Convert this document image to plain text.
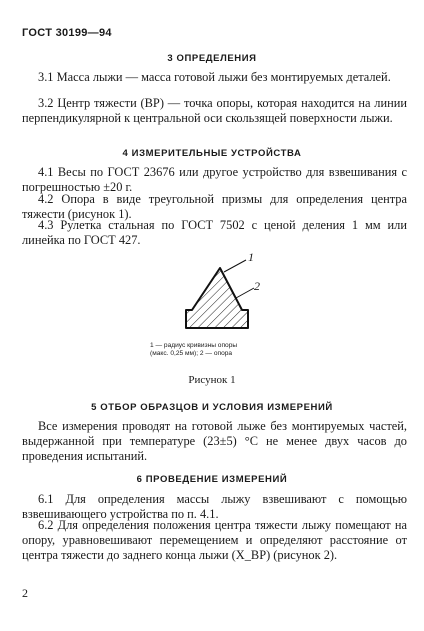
ГОСТ 30199—94
3 ОПРЕДЕЛЕНИЯ
3.1 Масса лыжи — масса готовой лыжи без монтируемых деталей.
3.2 Центр тяжести (ВР) — точка опоры, которая находится на линии перпендикулярной к центральной оси скользящей поверхности лыжи.
4 ИЗМЕРИТЕЛЬНЫЕ УСТРОЙСТВА
4.1 Весы по ГОСТ 23676 или другое устройство для взвешивания с погрешностью ±20 г.
4.2 Опора в виде треугольной призмы для определения центра тяжести (рисунок 1).
4.3 Рулетка стальная по ГОСТ 7502 с ценой деления 1 мм или линейка по ГОСТ 427.
1
2
1 — радиус кривизны опоры
(макс. 0,25 мм); 2 — опора
Рисунок 1
5 ОТБОР ОБРАЗЦОВ И УСЛОВИЯ ИЗМЕРЕНИЙ
Все измерения проводят на готовой лыже без монтируемых частей, выдержанной при температуре (23±5) °С не менее двух часов до проведения испытаний.
6 ПРОВЕДЕНИЕ ИЗМЕРЕНИЙ
6.1 Для определения массы лыжу взвешивают с помощью взвешивающего устройства по п. 4.1.
6.2 Для определения положения центра тяжести лыжу помещают на опору, уравновешивают перемещением и определяют расстояние от центра тяжести до заднего конца лыжи (X_BP) (рисунок 2).
2
